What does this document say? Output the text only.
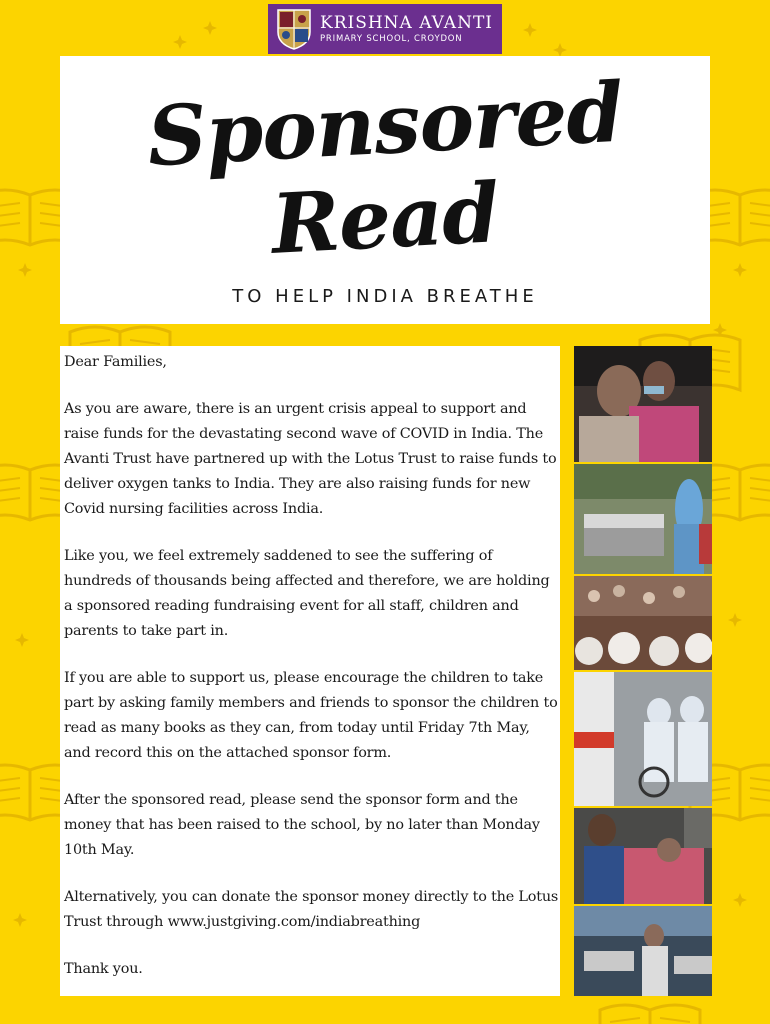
KRISHNA AVANTI
PRIMARY SCHOOL, CROYDON
Sponsored
Read
TO HELP INDIA BREATHE

Dear Families,

As you are aware, there is an urgent crisis appeal to support and raise funds for the devastating second wave of COVID in India. The Avanti Trust have partnered up with the Lotus Trust to raise funds to deliver oxygen tanks to India. They are also raising funds for new Covid nursing facilities across India.

Like you, we feel extremely saddened to see the suffering of hundreds of thousands being affected and therefore, we are holding a sponsored reading fundraising event for all staff, children and parents to take part in.

If you are able to support us, please encourage the children to take part by asking family members and friends to sponsor the children to read as many books as they can, from today until Friday 7th May, and record this on the attached sponsor form.

After the sponsored read, please send the sponsor form and the money that has been raised to the school, by no later than Monday 10th May.

Alternatively, you can donate the sponsor money directly to the Lotus Trust through www.justgiving.com/indiabreathing

Thank you.
